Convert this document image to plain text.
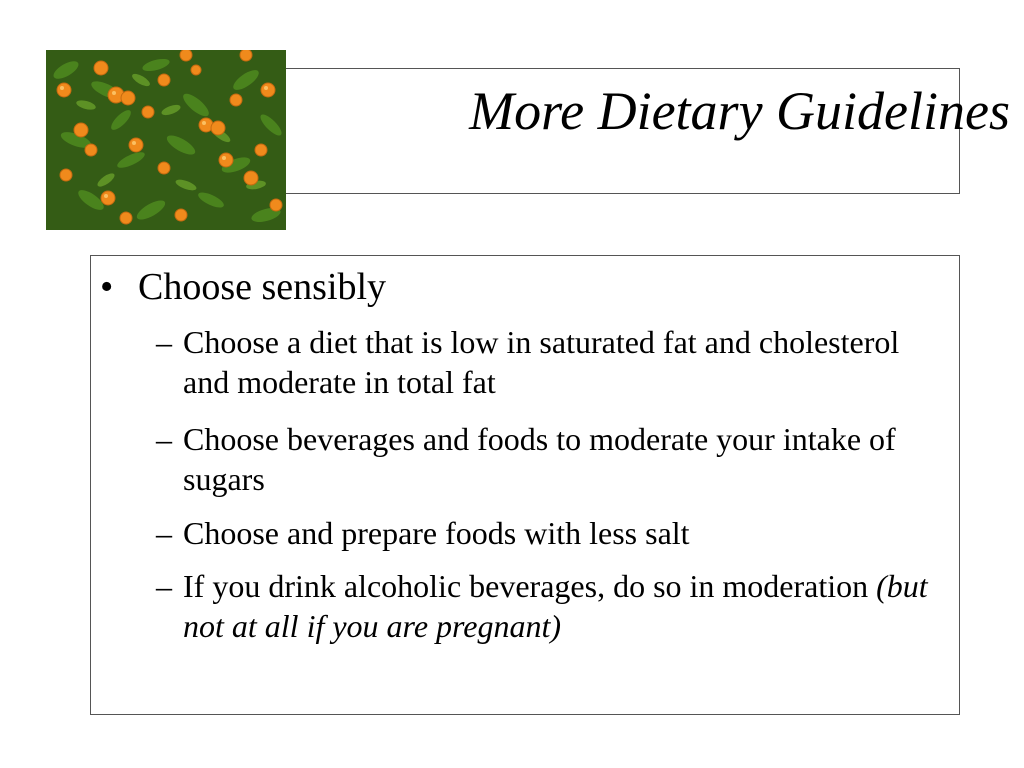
More Dietary Guidelines
• Choose sensibly
– Choose a diet that is low in saturated fat and cholesterol and moderate in total fat
– Choose beverages and foods to moderate your intake of sugars
– Choose and prepare foods with less salt
– If you drink alcoholic beverages, do so in moderation (but not at all if you are pregnant)
